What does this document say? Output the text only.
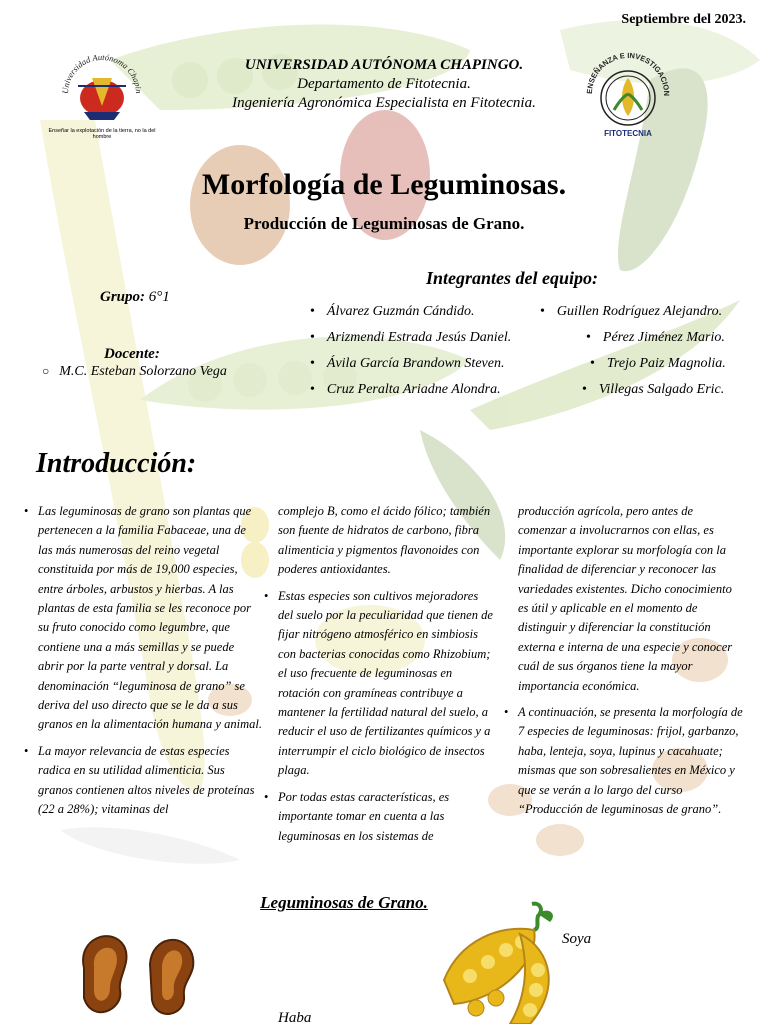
Septiembre del 2023.
Universidad Autónoma Chapin
Enseñar la explotación de la tierra, no la del hombre
ENSEÑANZA E INVESTIGACION
FITOTECNIA
UNIVERSIDAD AUTÓNOMA CHAPINGO.
Departamento de Fitotecnia.
Ingeniería Agronómica Especialista en Fitotecnia.
Morfología de Leguminosas.
Producción de Leguminosas de Grano.
Integrantes del equipo:
Grupo: 6°1
Docente:
○ M.C. Esteban Solorzano Vega
• Álvarez Guzmán Cándido.
• Arizmendi Estrada Jesús Daniel.
• Ávila García Brandown Steven.
• Cruz Peralta Ariadne Alondra.
• Guillen Rodríguez Alejandro.
• Pérez Jiménez Mario.
• Trejo Paiz Magnolia.
• Villegas Salgado Eric.
Introducción:

• Las leguminosas de grano son plantas que pertenecen a la familia Fabaceae, una de las más numerosas del reino vegetal constituida por más de 19,000 especies, entre árboles, arbustos y hierbas. A las plantas de esta familia se les reconoce por su fruto conocido como legumbre, que contiene una a más semillas y se puede abrir por la parte ventral y dorsal. La denominación “leguminosa de grano” se deriva del uso directo que se le da a sus granos en la alimentación humana y animal.

• La mayor relevancia de estas especies radica en su utilidad alimenticia. Sus granos contienen altos niveles de proteínas (22 a 28%); vitaminas del

complejo B, como el ácido fólico; también son fuente de hidratos de carbono, fibra alimenticia y pigmentos flavonoides con poderes antioxidantes.

• Estas especies son cultivos mejoradores del suelo por la peculiaridad que tienen de fijar nitrógeno atmosférico en simbiosis con bacterias conocidas como Rhizobium; el uso frecuente de leguminosas en rotación con gramíneas contribuye a mantener la fertilidad natural del suelo, a reducir el uso de fertilizantes químicos y a interrumpir el ciclo biológico de insectos plaga.

• Por todas estas características, es importante tomar en cuenta a las leguminosas en los sistemas de

producción agrícola, pero antes de comenzar a involucrarnos con ellas, es importante explorar su morfología con la finalidad de diferenciar y reconocer las variedades existentes. Dicho conocimiento es útil y aplicable en el momento de distinguir y diferenciar la constitución externa e interna de una especie y conocer cuál de sus órganos tiene la mayor importancia económica.

• A continuación, se presenta la morfología de 7 especies de leguminosas: frijol, garbanzo, haba, lenteja, soya, lupinus y cacahuate; mismas que son sobresalientes en México y que se verán a lo largo del curso “Producción de leguminosas de grano”.

Leguminosas de Grano.
Soya
Haba
